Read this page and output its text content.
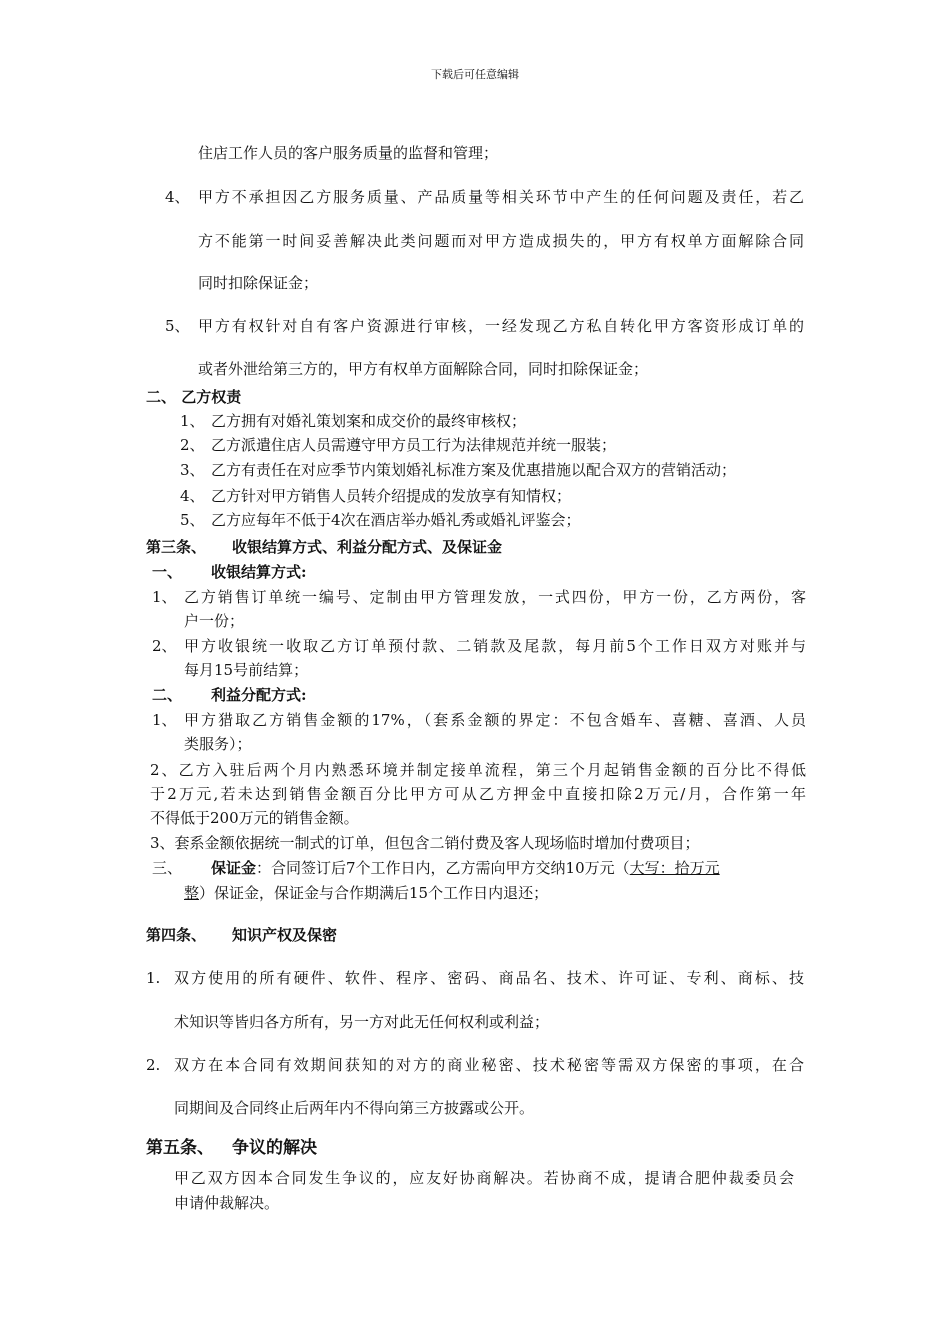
下载后可任意编辑
住店工作人员的客户服务质量的监督和管理；
4、 甲方不承担因乙方服务质量、产品质量等相关环节中产生的任何问题及责任，若乙
方不能第一时间妥善解决此类问题而对甲方造成损失的，甲方有权单方面解除合同
同时扣除保证金；
5、 甲方有权针对自有客户资源进行审核，一经发现乙方私自转化甲方客资形成订单的
或者外泄给第三方的，甲方有权单方面解除合同，同时扣除保证金；
二、 乙方权责
1、 乙方拥有对婚礼策划案和成交价的最终审核权；
2、 乙方派遣住店人员需遵守甲方员工行为法律规范并统一服装；
3、 乙方有责任在对应季节内策划婚礼标准方案及优惠措施以配合双方的营销活动；
4、 乙方针对甲方销售人员转介绍提成的发放享有知情权；
5、 乙方应每年不低于4次在酒店举办婚礼秀或婚礼评鉴会；
第三条、 收银结算方式、利益分配方式、及保证金
一、 收银结算方式:
1、 乙方销售订单统一编号、定制由甲方管理发放，一式四份，甲方一份，乙方两份，客
户一份；
2、 甲方收银统一收取乙方订单预付款、二销款及尾款，每月前5个工作日双方对账并与
每月15号前结算；
二、 利益分配方式:
1、 甲方猎取乙方销售金额的17%，（套系金额的界定：不包含婚车、喜糖、喜酒、人员
类服务）；
2、乙方入驻后两个月内熟悉环境并制定接单流程，第三个月起销售金额的百分比不得低
于2万元,若未达到销售金额百分比甲方可从乙方押金中直接扣除2万元/月，合作第一年
不得低于200万元的销售金额。
3、套系金额依据统一制式的订单，但包含二销付费及客人现场临时增加付费项目；
三、 保证金：合同签订后7个工作日内，乙方需向甲方交纳10万元（大写：拾万元
整）保证金，保证金与合作期满后15个工作日内退还；
第四条、 知识产权及保密
1. 双方使用的所有硬件、软件、程序、密码、商品名、技术、许可证、专利、商标、技
术知识等皆归各方所有，另一方对此无任何权利或利益；
2. 双方在本合同有效期间获知的对方的商业秘密、技术秘密等需双方保密的事项，在合
同期间及合同终止后两年内不得向第三方披露或公开。
第五条、 争议的解决
甲乙双方因本合同发生争议的，应友好协商解决。若协商不成，提请合肥仲裁委员会
申请仲裁解决。
